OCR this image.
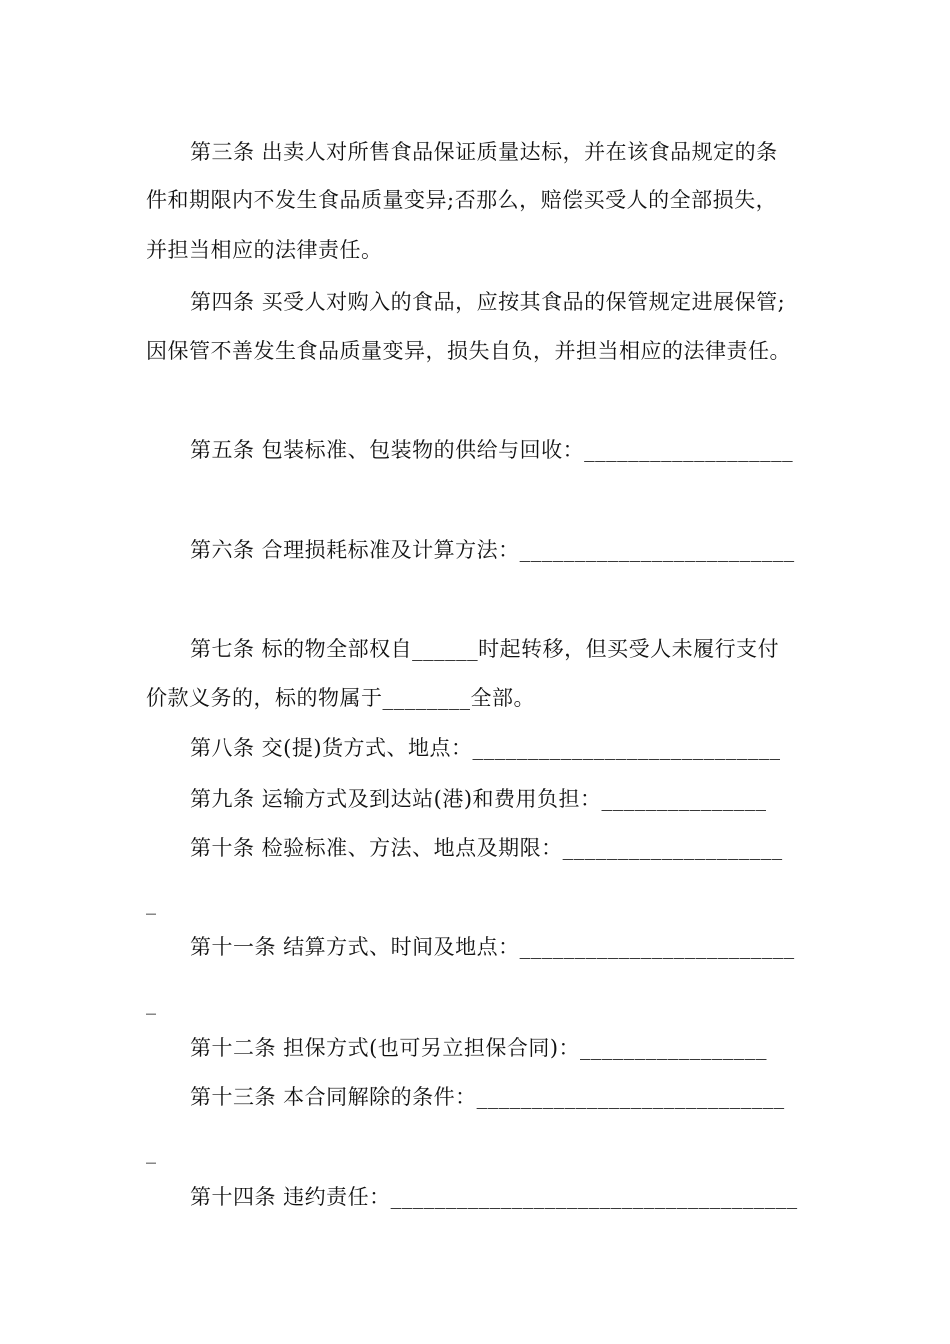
第三条 出卖人对所售食品保证质量达标，并在该食品规定的条
件和期限内不发生食品质量变异;否那么，赔偿买受人的全部损失，
并担当相应的法律责任。
第四条 买受人对购入的食品，应按其食品的保管规定进展保管;
因保管不善发生食品质量变异，损失自负，并担当相应的法律责任。
第五条 包装标准、包装物的供给与回收：___________________
第六条 合理损耗标准及计算方法：_________________________
第七条 标的物全部权自______时起转移，但买受人未履行支付
价款义务的，标的物属于________全部。
第八条 交(提)货方式、地点：____________________________
第九条 运输方式及到达站(港)和费用负担：_______________
第十条 检验标准、方法、地点及期限：____________________
_
第十一条 结算方式、时间及地点：_________________________
_
第十二条 担保方式(也可另立担保合同)：_________________
第十三条 本合同解除的条件：____________________________
_
第十四条 违约责任：_____________________________________
